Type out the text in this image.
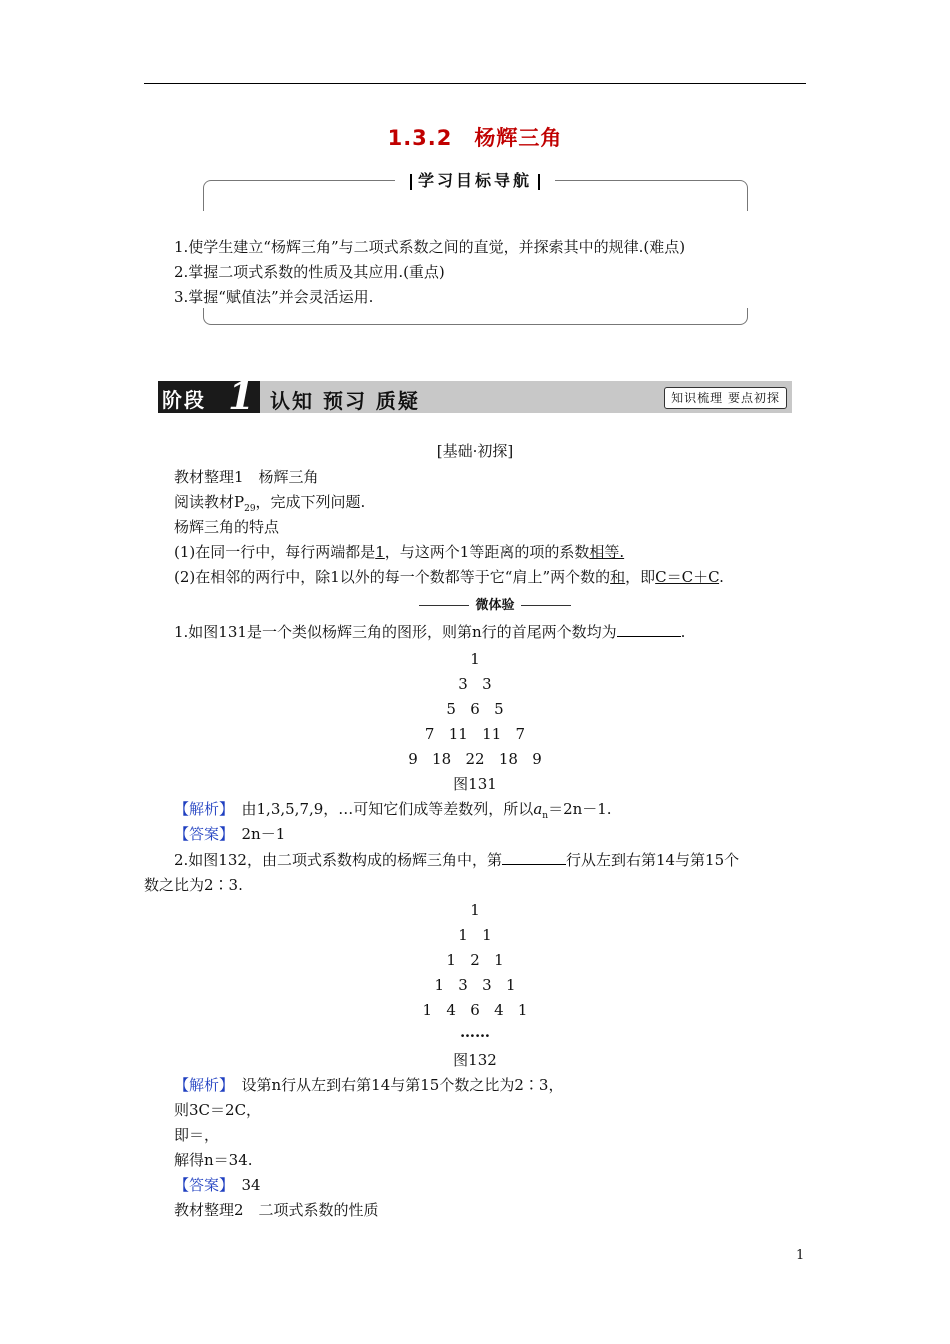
1.3.2　杨辉三角
学习目标导航
1.使学生建立“杨辉三角”与二项式系数之间的直觉，并探索其中的规律.(难点)
2.掌握二项式系数的性质及其应用.(重点)
3.掌握“赋值法”并会灵活运用.
阶段 1 认知 预习 质疑	知识梳理 要点初探
[基础·初探]
教材整理1　杨辉三角
阅读教材$P_{29}$，完成下列问题.
杨辉三角的特点
(1)在同一行中，每行两端都是1，与这两个1等距离的项的系数相等.
(2)在相邻的两行中，除1以外的每一个数都等于它“肩上”两个数的和，即C＝C＋C.
微体验
1.如图131是一个类似杨辉三角的图形，则第n行的首尾两个数均为	.
1
3   3
5   6   5
7   11   11   7
9   18   22   18   9
图131
【解析】　由1,3,5,7,9，…可知它们成等差数列，所以$a_n=2n-1$.
【答案】　2n－1
2.如图132，由二项式系数构成的杨辉三角中，第	行从左到右第14与第15个
数之比为2∶3.
1
1   1
1   2   1
1   3   3   1
1   4   6   4   1
……
图132
【解析】　设第n行从左到右第14与第15个数之比为2∶3，
则3C＝2C，
即＝，
解得n＝34.
【答案】　34
教材整理2　二项式系数的性质
1
